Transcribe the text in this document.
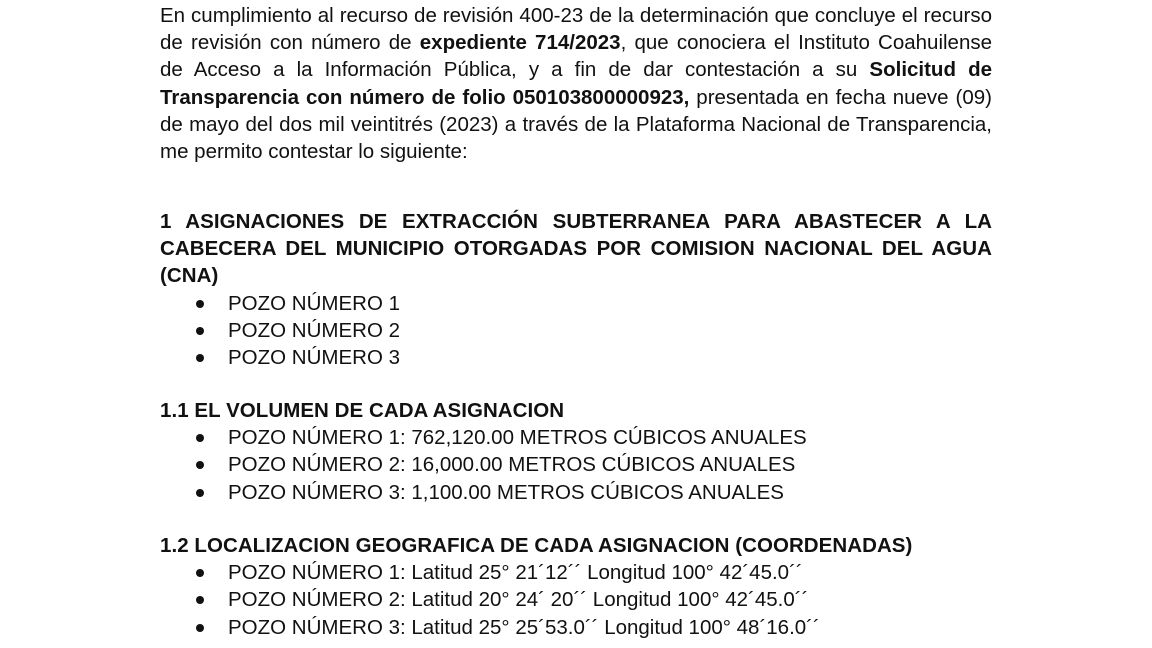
En cumplimiento al recurso de revisión 400-23 de la determinación que concluye el recurso de revisión con número de expediente 714/2023, que conociera el Instituto Coahuilense de Acceso a la Información Pública, y a fin de dar contestación a su Solicitud de Transparencia con número de folio 050103800000923, presentada en fecha nueve (09) de mayo del dos mil veintitrés (2023) a través de la Plataforma Nacional de Transparencia, me permito contestar lo siguiente:

1 ASIGNACIONES DE EXTRACCIÓN SUBTERRANEA PARA ABASTECER A LA CABECERA DEL MUNICIPIO OTORGADAS POR COMISION NACIONAL DEL AGUA (CNA)

POZO NÚMERO 1
POZO NÚMERO 2
POZO NÚMERO 3

1.1 EL VOLUMEN DE CADA ASIGNACION

POZO NÚMERO 1: 762,120.00 METROS CÚBICOS ANUALES
POZO NÚMERO 2: 16,000.00 METROS CÚBICOS ANUALES
POZO NÚMERO 3: 1,100.00 METROS CÚBICOS ANUALES

1.2 LOCALIZACION GEOGRAFICA DE CADA ASIGNACION (COORDENADAS)

POZO NÚMERO 1: Latitud 25° 21´12´´ Longitud 100° 42´45.0´´
POZO NÚMERO 2: Latitud 20° 24´ 20´´ Longitud 100° 42´45.0´´
POZO NÚMERO 3: Latitud 25° 25´53.0´´ Longitud 100° 48´16.0´´
